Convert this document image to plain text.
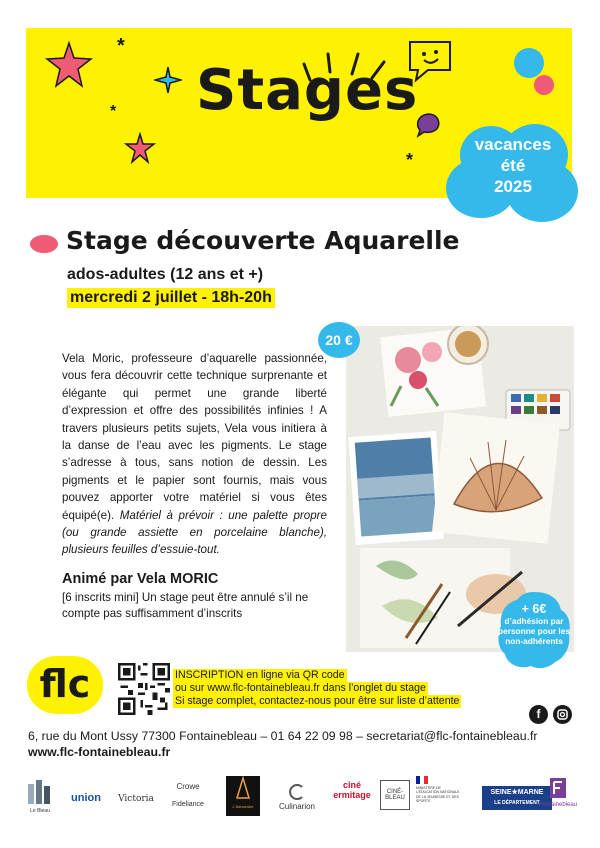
*
*
*
Stages
vacances
été
2025
Stage découverte Aquarelle
ados-adultes (12 ans et +)
mercredi 2 juillet - 18h-20h
Vela Moric, professeure d’aquarelle passionnée, vous fera découvrir cette technique surprenante et élégante qui permet une grande liberté d’expression et offre des possibilités infinies ! A travers plusieurs petits sujets, Vela vous initiera à la danse de l’eau avec les pigments. Le stage s’adresse à tous, sans notion de dessin. Les pigments et le papier sont fournis, mais vous pouvez apporter votre matériel si vous êtes équipé(e). Matériel à prévoir : une palette propre (ou grande assiette en porcelaine blanche), plusieurs feuilles d’essuie-tout.
Animé par Vela MORIC
[6 inscrits mini] Un stage peut être annulé s’il ne compte pas suffisamment d’inscrits
20 €
+ 6€
d’adhésion par personne pour les non-adhérents
flc	INSCRIPTION en ligne via QR code
ou sur www.flc-fontainebleau.fr dans l’onglet du stage
Si stage complet, contactez-nous pour être sur liste d’attente
f
6, rue du Mont Ussy 77300 Fontainebleau – 01 64 22 09 98 – secretariat@flc-fontainebleau.fr
www.flc-fontainebleau.fr
Le Bleau
union	Victoria
Crowe
Fideliance	L'Alexandre	Culinarion
ciné ermitage	CINÉ-BLEAU
MINISTÈRE DE L'ÉDUCATION NATIONALE, DE LA JEUNESSE ET DES SPORTS
SEINE★MARNE
LE DÉPARTEMENT Fontainebleau
